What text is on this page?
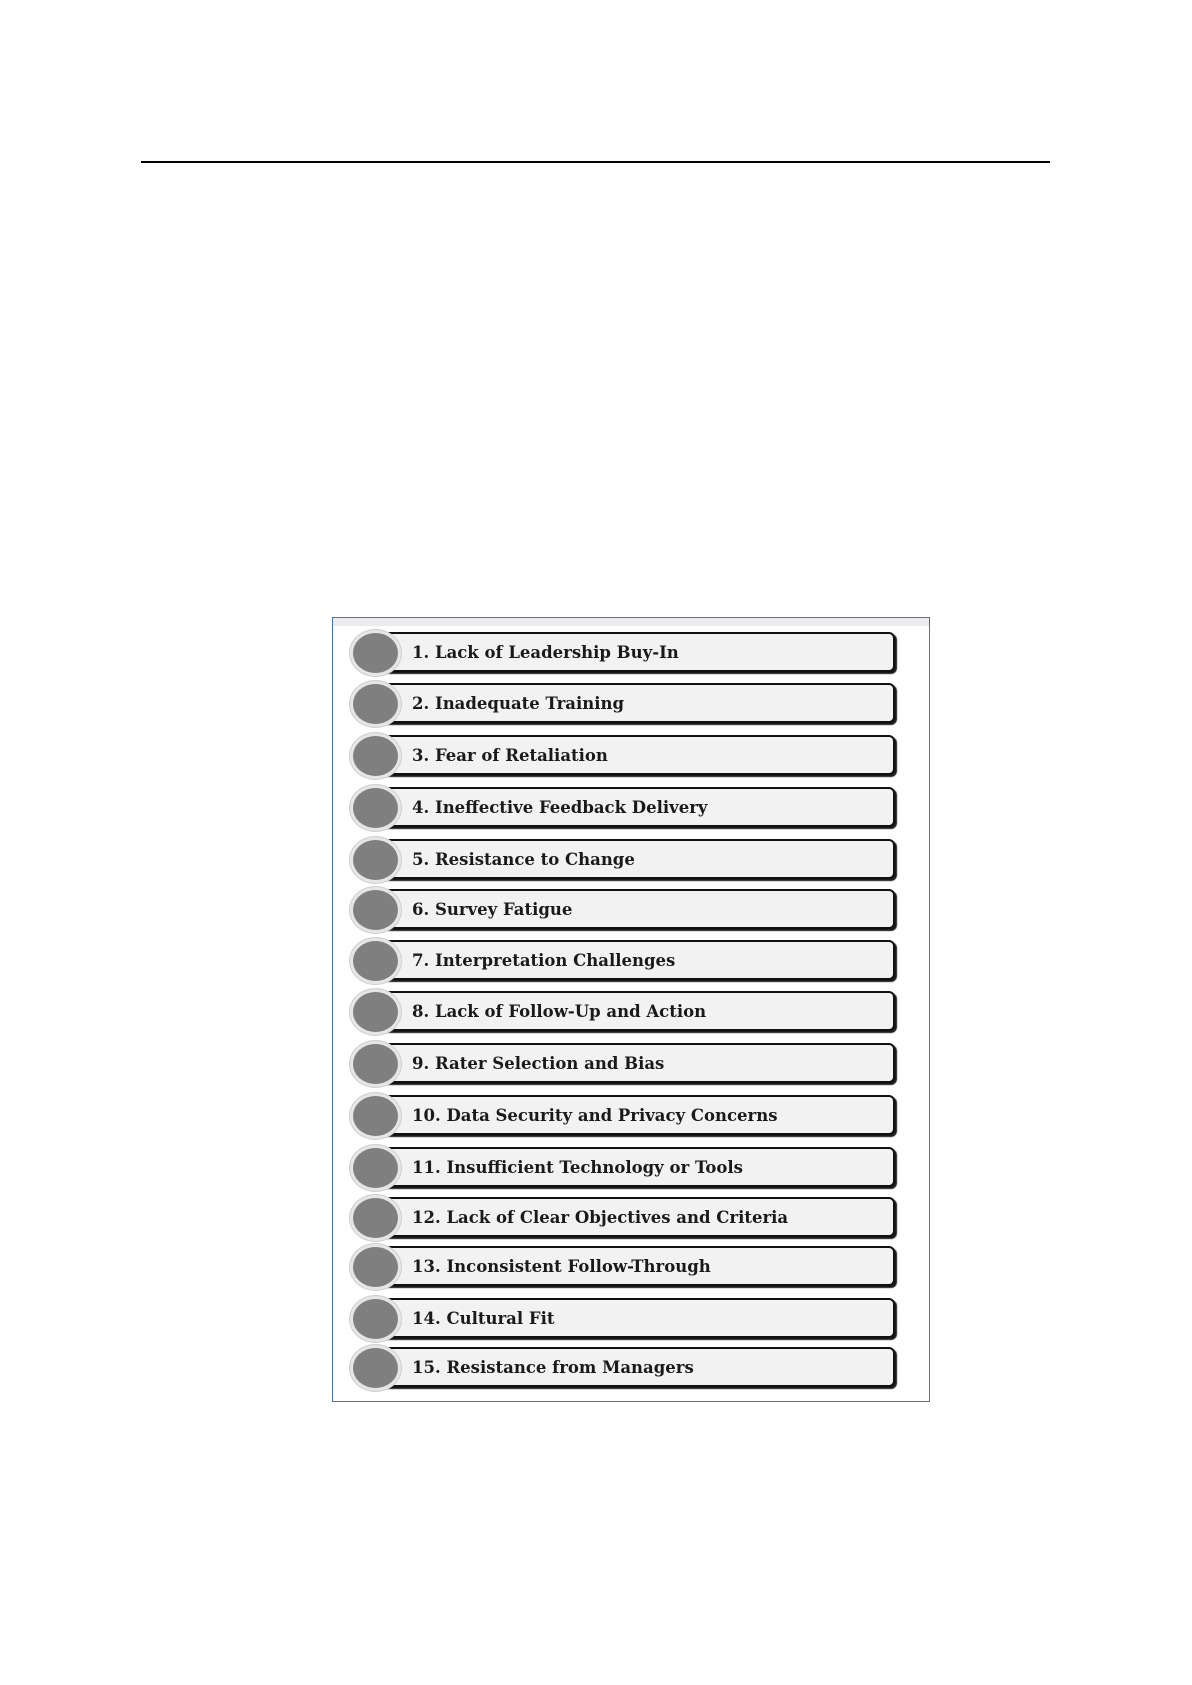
1. Lack of Leadership Buy-In
2. Inadequate Training
3. Fear of Retaliation
4. Ineffective Feedback Delivery
5. Resistance to Change
6. Survey Fatigue
7. Interpretation Challenges
8. Lack of Follow-Up and Action
9. Rater Selection and Bias
10. Data Security and Privacy Concerns
11. Insufficient Technology or Tools
12. Lack of Clear Objectives and Criteria
13. Inconsistent Follow-Through
14. Cultural Fit
15. Resistance from Managers
